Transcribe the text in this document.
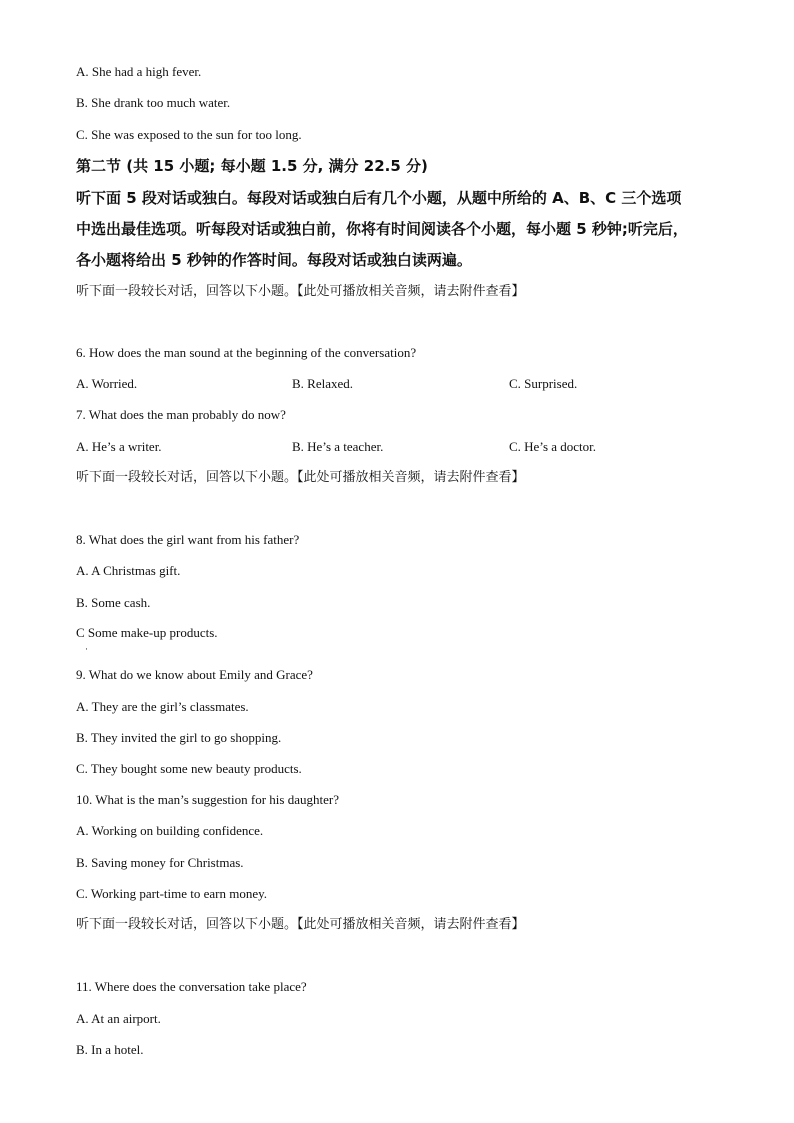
A. She had a high fever.
B. She drank too much water.
C. She was exposed to the sun for too long.
第二节 (共 15 小题; 每小题 1.5 分, 满分 22.5 分)
听下面 5 段对话或独白。每段对话或独白后有几个小题，从题中所给的 A、B、C 三个选项
中选出最佳选项。听每段对话或独白前，你将有时间阅读各个小题，每小题 5 秒钟;听完后，
各小题将给出 5 秒钟的作答时间。每段对话或独白读两遍。
听下面一段较长对话，回答以下小题。【此处可播放相关音频，请去附件查看】
6. How does the man sound at the beginning of the conversation?
A. Worried.	B. Relaxed.	C. Surprised.
7. What does the man probably do now?
A. He’s a writer.	B. He’s a teacher.	C. He’s a doctor.
听下面一段较长对话，回答以下小题。【此处可播放相关音频，请去附件查看】
8. What does the girl want from his father?
A. A Christmas gift.
B. Some cash.
C Some make-up products.
·
9. What do we know about Emily and Grace?
A. They are the girl’s classmates.
B. They invited the girl to go shopping.
C. They bought some new beauty products.
10. What is the man’s suggestion for his daughter?
A. Working on building confidence.
B. Saving money for Christmas.
C. Working part-time to earn money.
听下面一段较长对话，回答以下小题。【此处可播放相关音频，请去附件查看】
11. Where does the conversation take place?
A. At an airport.
B. In a hotel.
